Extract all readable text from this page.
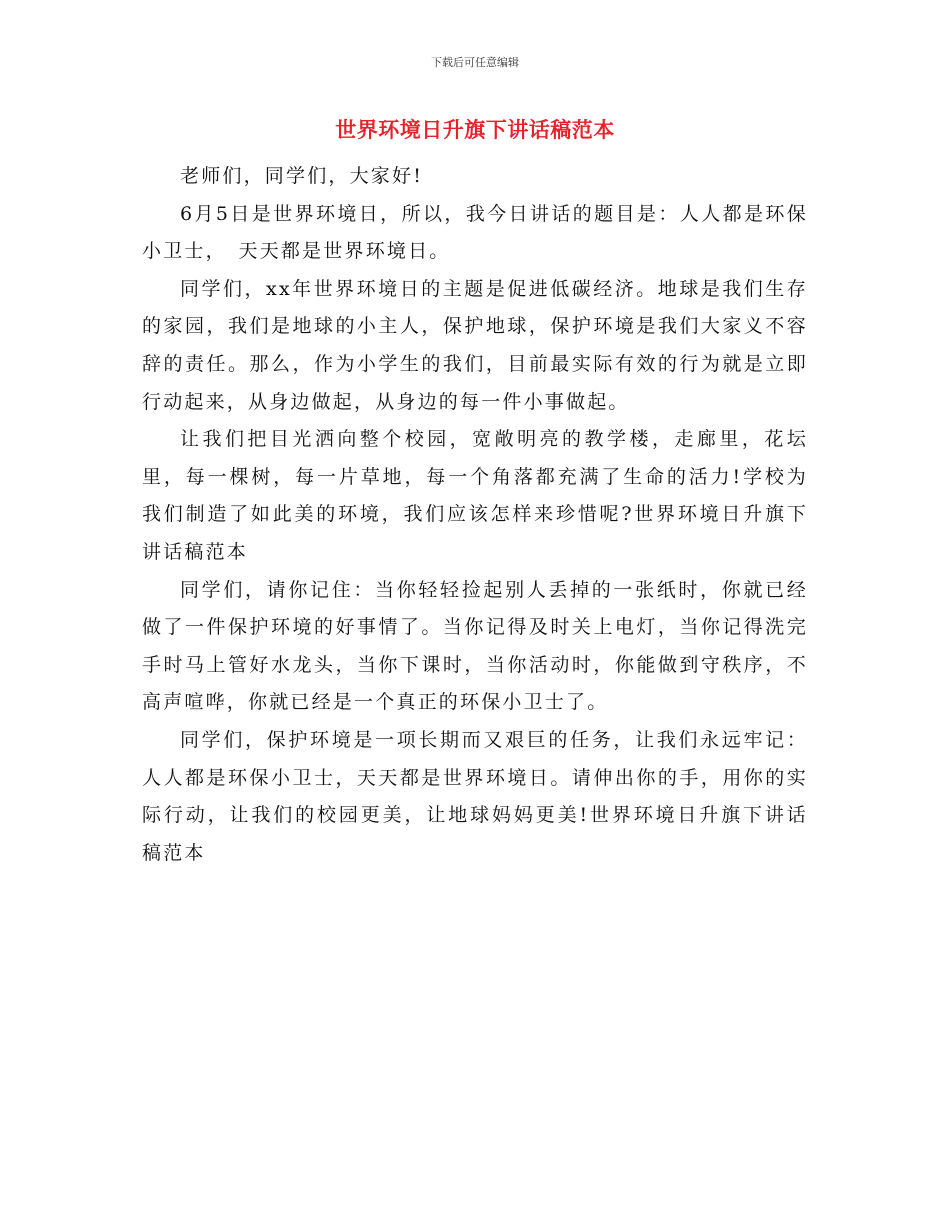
下载后可任意编辑
世界环境日升旗下讲话稿范本

老师们，同学们，大家好!

6月5日是世界环境日，所以，我今日讲话的题目是：人人都是环保小卫士，　天天都是世界环境日。

同学们，xx年世界环境日的主题是促进低碳经济。地球是我们生存的家园，我们是地球的小主人，保护地球，保护环境是我们大家义不容辞的责任。那么，作为小学生的我们，目前最实际有效的行为就是立即行动起来，从身边做起，从身边的每一件小事做起。

让我们把目光洒向整个校园，宽敞明亮的教学楼，走廊里，花坛里，每一棵树，每一片草地，每一个角落都充满了生命的活力!学校为我们制造了如此美的环境，我们应该怎样来珍惜呢?世界环境日升旗下讲话稿范本

同学们，请你记住：当你轻轻捡起别人丢掉的一张纸时，你就已经做了一件保护环境的好事情了。当你记得及时关上电灯，当你记得洗完手时马上管好水龙头，当你下课时，当你活动时，你能做到守秩序，不高声喧哗，你就已经是一个真正的环保小卫士了。

同学们，保护环境是一项长期而又艰巨的任务，让我们永远牢记：人人都是环保小卫士，天天都是世界环境日。请伸出你的手，用你的实际行动，让我们的校园更美，让地球妈妈更美!世界环境日升旗下讲话稿范本
